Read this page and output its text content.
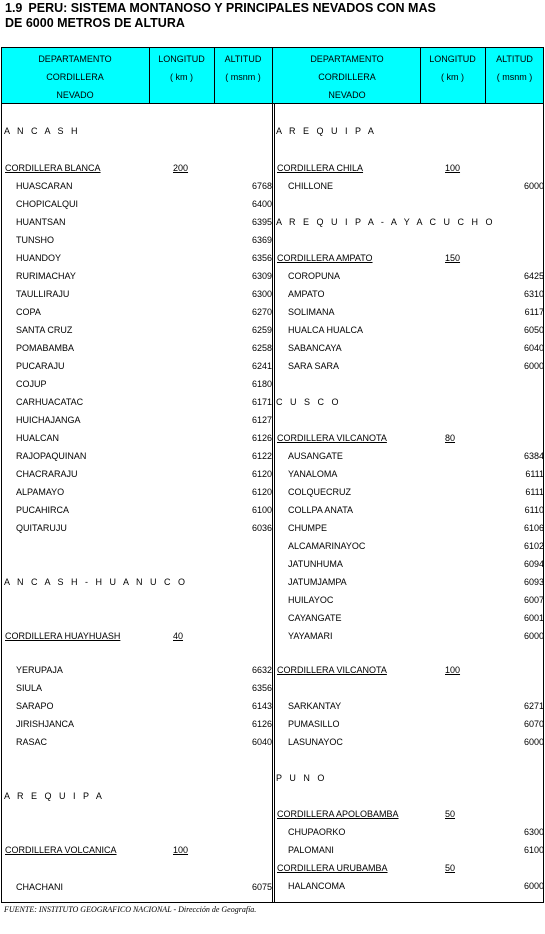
1.9 PERU: SISTEMA MONTANOSO Y PRINCIPALES NEVADOS CON MAS
DE 6000 METROS DE ALTURA
DEPARTAMENTO
CORDILLERA
NEVADO
LONGITUD
( km )
ALTITUD
( msnm )
DEPARTAMENTO
CORDILLERA
NEVADO
LONGITUD
( km )
ALTITUD
( msnm )
A N C A S H
CORDILLERA BLANCA	200
HUASCARAN	6768
CHOPICALQUI	6400
HUANTSAN	6395
TUNSHO	6369
HUANDOY	6356
RURIMACHAY	6309
TAULLIRAJU	6300
COPA	6270
SANTA CRUZ	6259
POMABAMBA	6258
PUCARAJU	6241
COJUP	6180
CARHUACATAC	6171
HUICHAJANGA	6127
HUALCAN	6126
RAJOPAQUINAN	6122
CHACRARAJU	6120
ALPAMAYO	6120
PUCAHIRCA	6100
QUITARUJU	6036
A N C A S H - H U A N U C O
CORDILLERA HUAYHUASH	40
YERUPAJA	6632
SIULA	6356
SARAPO	6143
JIRISHJANCA	6126
RASAC	6040
A R E Q U I P A
CORDILLERA VOLCANICA	100
CHACHANI	6075
A R E Q U I P A
CORDILLERA CHILA	100
CHILLONE	6000
A R E Q U I P A - A Y A C U C H O
CORDILLERA AMPATO	150
COROPUNA	6425
AMPATO	6310
SOLIMANA	6117
HUALCA HUALCA	6050
SABANCAYA	6040
SARA SARA	6000
C U S C O
CORDILLERA VILCANOTA	80
AUSANGATE	6384
YANALOMA	6111
COLQUECRUZ	6111
COLLPA ANATA	6110
CHUMPE	6106
ALCAMARINAYOC	6102
JATUNHUMA	6094
JATUMJAMPA	6093
HUILAYOC	6007
CAYANGATE	6001
YAYAMARI	6000
CORDILLERA VILCANOTA	100
SARKANTAY	6271
PUMASILLO	6070
LASUNAYOC	6000
P U N O
CORDILLERA APOLOBAMBA	50
CHUPAORKO	6300
PALOMANI	6100
CORDILLERA URUBAMBA	50
HALANCOMA	6000
FUENTE: INSTITUTO GEOGRAFICO NACIONAL - Dirección de Geografía.
